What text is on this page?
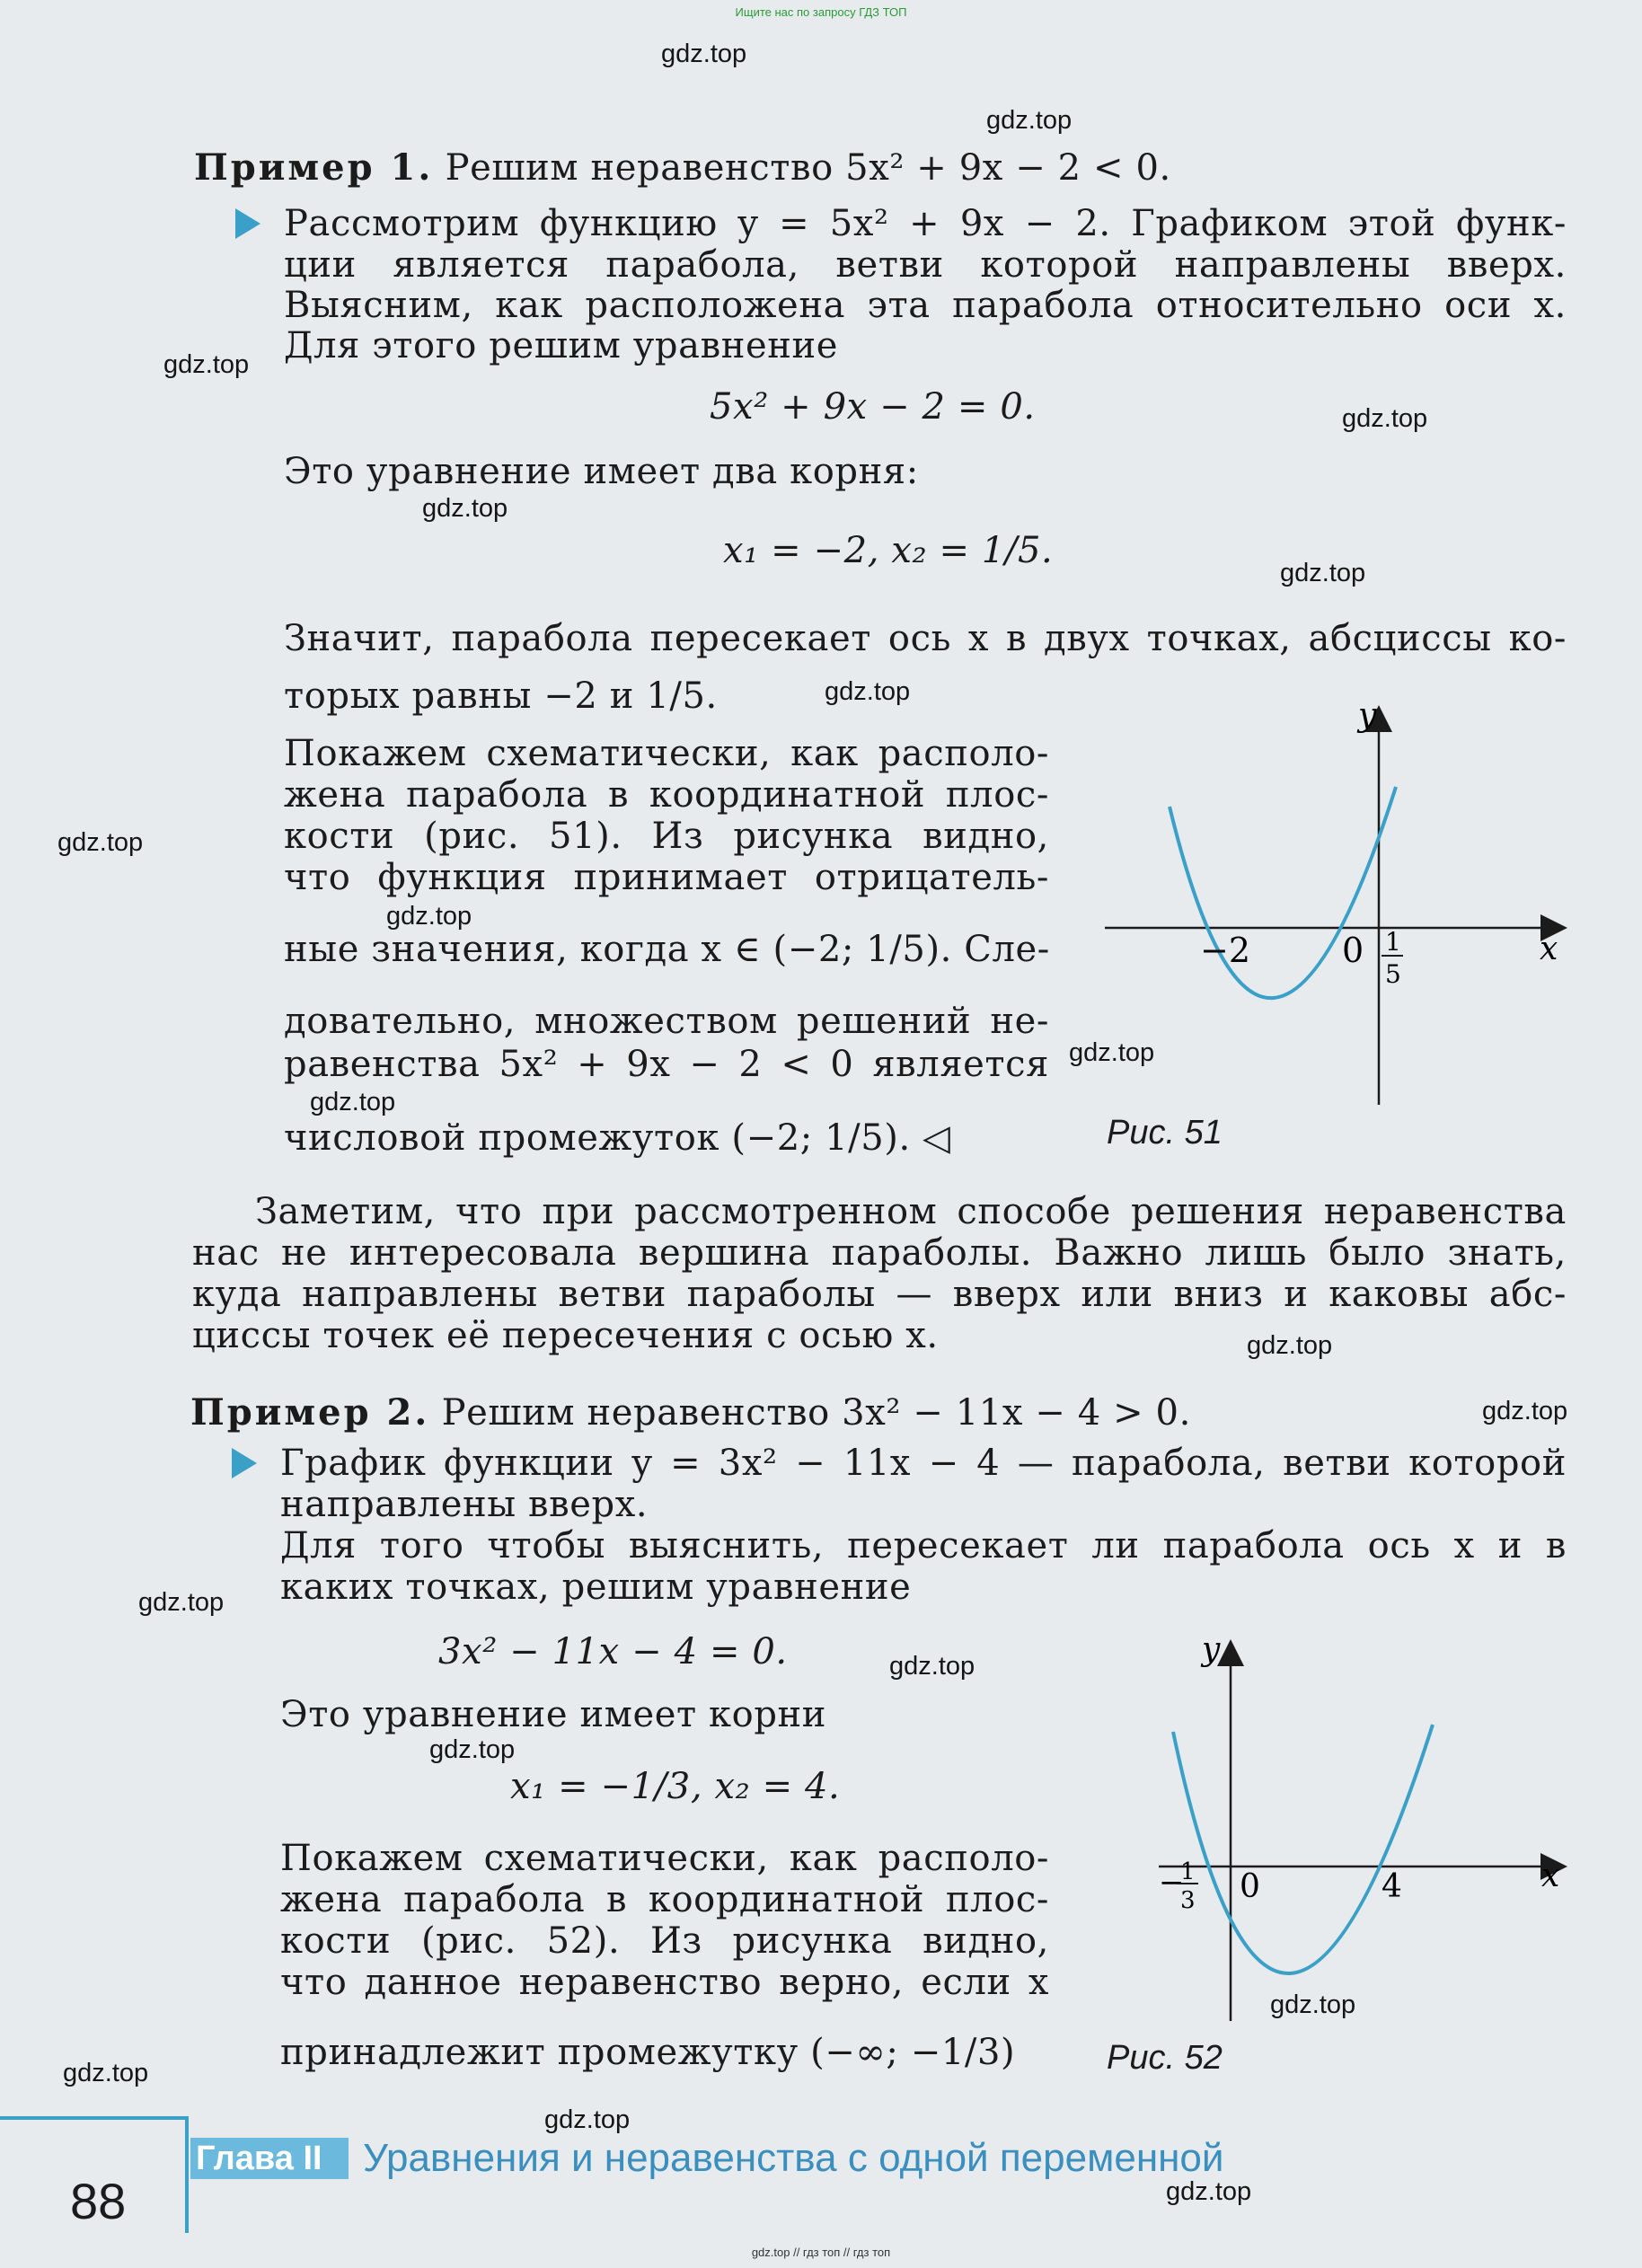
Ищите нас по запросу ГДЗ ТОП
gdz.top // гдз топ // гдз топ
gdz.top
gdz.top
gdz.top
gdz.top
gdz.top
gdz.top
gdz.top
gdz.top
gdz.top
gdz.top
gdz.top
gdz.top
gdz.top
gdz.top
gdz.top
gdz.top
gdz.top
gdz.top
gdz.top
gdz.top
Пример 1. Решим неравенство 5x² + 9x − 2 < 0.
Рассмотрим функцию y = 5x² + 9x − 2. Графиком этой функ-
ции является парабола, ветви которой направлены вверх.
Выясним, как расположена эта парабола относительно оси x.
Для этого решим уравнение
5x² + 9x − 2 = 0.
Это уравнение имеет два корня:
x₁ = −2, x₂ = 1/5.
Значит, парабола пересекает ось x в двух точках, абсциссы ко-
торых равны −2 и 1/5.
Покажем схематически, как располо-
жена парабола в координатной плос-
кости (рис. 51). Из рисунка видно,
что функция принимает отрицатель-
ные значения, когда x ∈ (−2; 1/5). Сле-
довательно, множеством решений не-
равенства 5x² + 9x − 2 < 0 является
числовой промежуток (−2; 1/5). ◁
y
x
−2	0 1
5
Рис. 51
Заметим, что при рассмотренном способе решения неравенства
нас не интересовала вершина параболы. Важно лишь было знать,
куда направлены ветви параболы — вверх или вниз и каковы абс-
циссы точек её пересечения с осью x.
Пример 2. Решим неравенство 3x² − 11x − 4 > 0.
График функции y = 3x² − 11x − 4 — парабола, ветви которой
направлены вверх.
Для того чтобы выяснить, пересекает ли парабола ось x и в
каких точках, решим уравнение
3x² − 11x − 4 = 0.
Это уравнение имеет корни
x₁ = −1/3, x₂ = 4.
Покажем схематически, как располо-
жена парабола в координатной плос-
кости (рис. 52). Из рисунка видно,
что данное неравенство верно, если x
принадлежит промежутку (−∞; −1/3)
y
x
−
1
3 0	4
Рис. 52
88
Глава II	Уравнения и неравенства с одной переменной
